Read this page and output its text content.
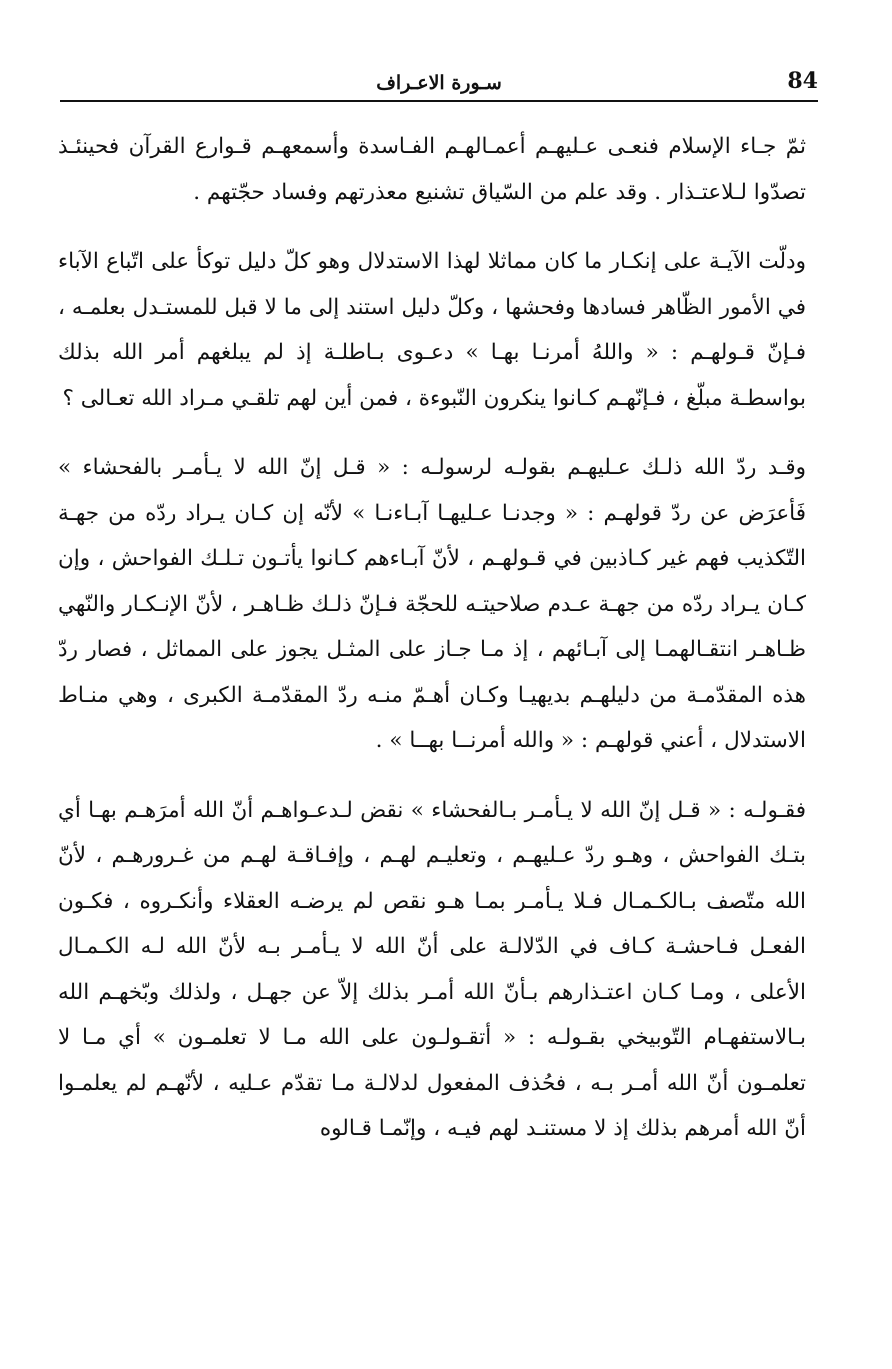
84
سـورة الاعـراف

ثمّ جـاء الإسلام فنعـى عـليهـم أعمـالهـم الفـاسدة وأسمعهـم قـوارع القرآن فحينئـذ تصدّوا لـلاعتـذار . وقد علم من السّياق تشنيع معذرتهم وفساد حجّتهم .

ودلّت الآيـة على إنكـار ما كان مماثلا لهذا الاستدلال وهو كلّ دليل توكأ على اتّباع الآباء في الأمور الظّاهر فسادها وفحشها ، وكلّ دليل استند إلى ما لا قبل للمستـدل بعلمـه ، فـإنّ قـولهـم : « واللهُ أمرنـا بهـا » دعـوى بـاطلـة إذ لم يبلغهم أمر الله بذلك بواسطـة مبلّغ ، فـإنّهـم كـانوا ينكرون النّبوءة ، فمن أين لهم تلقـي مـراد الله تعـالى ؟

وقـد ردّ الله ذلـك عـليهـم بقولـه لرسولـه : « قـل إنّ الله لا يـأمـر بالفحشاء » فَأعرَض عن ردّ قولهـم : « وجدنـا عـليهـا آبـاءنـا » لأنّه إن كـان يـراد ردّه من جهـة التّكذيب فهم غير كـاذبين في قـولهـم ، لأنّ آبـاءهم كـانوا يأتـون تـلـك الفواحش ، وإن كـان يـراد ردّه من جهـة عـدم صلاحيتـه للحجّة فـإنّ ذلـك ظـاهـر ، لأنّ الإنـكـار والنّهي ظـاهـر انتقـالهمـا إلى آبـائهم ، إذ مـا جـاز على المثـل يجوز على المماثل ، فصار ردّ هذه المقدّمـة من دليلهـم بديهيـا وكـان أهـمّ منـه ردّ المقدّمـة الكبرى ، وهي منـاط الاستدلال ، أعني قولهـم : « والله أمرنــا بهــا » .

فقـولـه : « قـل إنّ الله لا يـأمـر بـالفحشاء » نقض لـدعـواهـم أنّ الله أمرَهـم بهـا أي بتـك الفواحش ، وهـو ردّ عـليهـم ، وتعليـم لهـم ، وإفـاقـة لهـم من غـرورهـم ، لأنّ الله متّصف بـالكـمـال فـلا يـأمـر بمـا هـو نقص لم يرضـه العقلاء وأنكـروه ، فكـون الفعـل فـاحشـة كـاف في الدّلالـة على أنّ الله لا يـأمـر بـه لأنّ الله لـه الكـمـال الأعلى ، ومـا كـان اعتـذارهم بـأنّ الله أمـر بذلك إلاّ عن جهـل ، ولذلك وبّخهـم الله بـالاستفهـام التّوبيخي بقـولـه : « أتقـولـون على الله مـا لا تعلمـون » أي مـا لا تعلمـون أنّ الله أمـر بـه ، فحُذف المفعول لدلالـة مـا تقدّم عـليه ، لأنّهـم لم يعلمـوا أنّ الله أمرهم بذلك إذ لا مستنـد لهم فيـه ، وإنّمـا قـالوه
